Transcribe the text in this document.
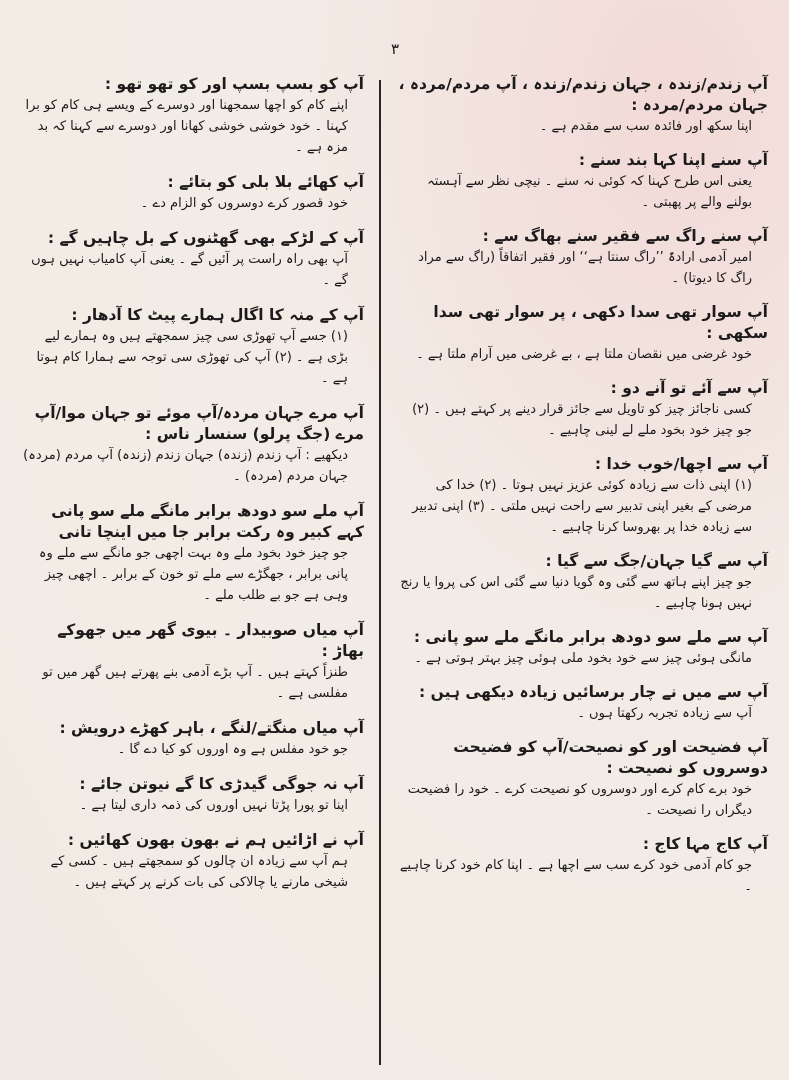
۳
آپ زندم/زندہ ، جہان زندم/زندہ ، آپ مردم/مردہ ، جہان مردم/مردہ :
اپنا سکھ اور فائدہ سب سے مقدم ہے ۔
آپ سنے اپنا کہا بند سنے :
یعنی اس طرح کہنا کہ کوئی نہ سنے ۔ نیچی نظر سے آہستہ بولنے والے پر پھبتی ۔
آپ سنے راگ سے فقیر سنے بھاگ سے :
امیر آدمی ارادۃً ’’راگ سنتا ہے‘‘ اور فقیر اتفاقاً (راگ سے مراد راگ کا دیوتا) ۔
آپ سوار تھی سدا دکھی ، پر سوار تھی سدا سکھی :
خود غرضی میں نقصان ملتا ہے ، بے غرضی میں آرام ملتا ہے ۔
آپ سے آئے تو آنے دو :
کسی ناجائز چیز کو تاویل سے جائز قرار دینے پر کہتے ہیں ۔ (۲) جو چیز خود بخود ملے لے لینی چاہیے ۔
آپ سے اچھا/خوب خدا :
(۱) اپنی ذات سے زیادہ کوئی عزیز نہیں ہوتا ۔ (۲) خدا کی مرضی کے بغیر اپنی تدبیر سے راحت نہیں ملتی ۔ (۳) اپنی تدبیر سے زیادہ خدا پر بھروسا کرنا چاہیے ۔
آپ سے گیا جہان/جگ سے گیا :
جو چیز اپنے ہاتھ سے گئی وہ گویا دنیا سے گئی اس کی پروا یا رنج نہیں ہونا چاہیے ۔
آپ سے ملے سو دودھ برابر مانگے ملے سو پانی :
مانگی ہوئی چیز سے خود بخود ملی ہوئی چیز بہتر ہوتی ہے ۔
آپ سے میں نے چار برسائیں زیادہ دیکھی ہیں :
آپ سے زیادہ تجربہ رکھتا ہوں ۔
آپ فضیحت اور کو نصیحت/آپ کو فضیحت دوسروں کو نصیحت :
خود برے کام کرے اور دوسروں کو نصیحت کرے ۔ خود را فضیحت دیگراں را نصیحت ۔
آپ کاج مہا کاج :
جو کام آدمی خود کرے سب سے اچھا ہے ۔ اپنا کام خود کرنا چاہیے ۔
آپ کو بسپ بسپ اور کو تھو تھو :
اپنے کام کو اچھا سمجھنا اور دوسرے کے ویسے ہی کام کو برا کہنا ۔ خود خوشی خوشی کھانا اور دوسرے سے کہنا کہ بد مزہ ہے ۔
آپ کھائے بلا بلی کو بتائے :
خود قصور کرے دوسروں کو الزام دے ۔
آپ کے لڑکے بھی گھٹنوں کے بل چاہیں گے :
آپ بھی راہ راست پر آئیں گے ۔ یعنی آپ کامیاب نہیں ہوں گے ۔
آپ کے منہ کا اگال ہمارے پیٹ کا آدھار :
(۱) جسے آپ تھوڑی سی چیز سمجھتے ہیں وہ ہمارے لیے بڑی ہے ۔ (۲) آپ کی تھوڑی سی توجہ سے ہمارا کام ہوتا ہے ۔
آپ مرے جہان مردہ/آپ موئے تو جہان موا/آپ مرے (جگ پرلو) سنسار ناس :
دیکھیے : آپ زندم (زندہ) جہان زندم (زندہ) آپ مردم (مردہ) جہان مردم (مردہ) ۔
آپ ملے سو دودھ برابر مانگے ملے سو پانی کہے کبیر وہ رکت برابر جا میں اینچا تانی
جو چیز خود بخود ملے وہ بہت اچھی جو مانگے سے ملے وہ پانی برابر ، جھگڑے سے ملے تو خون کے برابر ۔ اچھی چیز وہی ہے جو بے طلب ملے ۔
آپ میاں صوبیدار ۔ بیوی گھر میں جھوکے بھاڑ :
طنزاً کہتے ہیں ۔ آپ بڑے آدمی بنے پھرتے ہیں گھر میں تو مفلسی ہے ۔
آپ میاں منگتے/لنگے ، باہر کھڑے درویش :
جو خود مفلس ہے وہ اوروں کو کیا دے گا ۔
آپ نہ جوگی گیدڑی کا گے نیوتن جائے :
اپنا تو پورا پڑتا نہیں اوروں کی ذمہ داری لیتا ہے ۔
آپ نے اڑائیں ہم نے بھون بھون کھائیں :
ہم آپ سے زیادہ ان چالوں کو سمجھتے ہیں ۔ کسی کے شیخی مارنے یا چالاکی کی بات کرنے پر کہتے ہیں ۔
